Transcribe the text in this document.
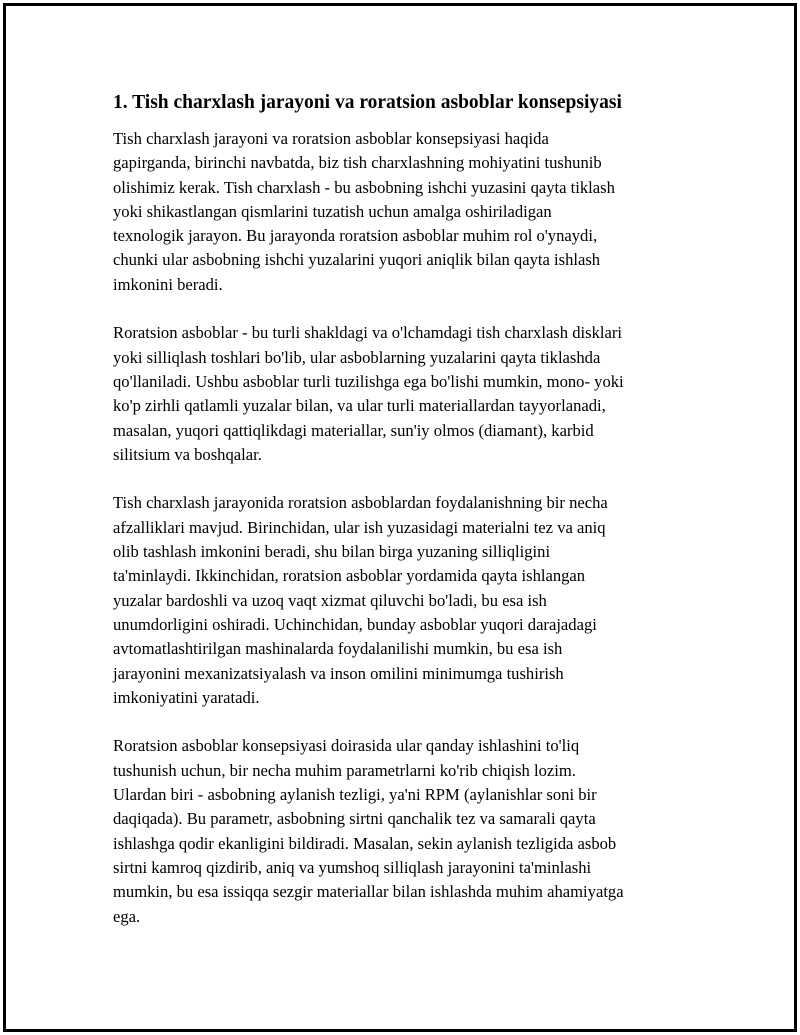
1. Tish charxlash jarayoni va roratsion asboblar konsepsiyasi

Tish charxlash jarayoni va roratsion asboblar konsepsiyasi haqida
gapirganda, birinchi navbatda, biz tish charxlashning mohiyatini tushunib
olishimiz kerak. Tish charxlash - bu asbobning ishchi yuzasini qayta tiklash
yoki shikastlangan qismlarini tuzatish uchun amalga oshiriladigan
texnologik jarayon. Bu jarayonda roratsion asboblar muhim rol o'ynaydi,
chunki ular asbobning ishchi yuzalarini yuqori aniqlik bilan qayta ishlash
imkonini beradi.

Roratsion asboblar - bu turli shakldagi va o'lchamdagi tish charxlash disklari
yoki silliqlash toshlari bo'lib, ular asboblarning yuzalarini qayta tiklashda
qo'llaniladi. Ushbu asboblar turli tuzilishga ega bo'lishi mumkin, mono- yoki
ko'p zirhli qatlamli yuzalar bilan, va ular turli materiallardan tayyorlanadi,
masalan, yuqori qattiqlikdagi materiallar, sun'iy olmos (diamant), karbid
silitsium va boshqalar.

Tish charxlash jarayonida roratsion asboblardan foydalanishning bir necha
afzalliklari mavjud. Birinchidan, ular ish yuzasidagi materialni tez va aniq
olib tashlash imkonini beradi, shu bilan birga yuzaning silliqligini
ta'minlaydi. Ikkinchidan, roratsion asboblar yordamida qayta ishlangan
yuzalar bardoshli va uzoq vaqt xizmat qiluvchi bo'ladi, bu esa ish
unumdorligini oshiradi. Uchinchidan, bunday asboblar yuqori darajadagi
avtomatlashtirilgan mashinalarda foydalanilishi mumkin, bu esa ish
jarayonini mexanizatsiyalash va inson omilini minimumga tushirish
imkoniyatini yaratadi.

Roratsion asboblar konsepsiyasi doirasida ular qanday ishlashini to'liq
tushunish uchun, bir necha muhim parametrlarni ko'rib chiqish lozim.
Ulardan biri - asbobning aylanish tezligi, ya'ni RPM (aylanishlar soni bir
daqiqada). Bu parametr, asbobning sirtni qanchalik tez va samarali qayta
ishlashga qodir ekanligini bildiradi. Masalan, sekin aylanish tezligida asbob
sirtni kamroq qizdirib, aniq va yumshoq silliqlash jarayonini ta'minlashi
mumkin, bu esa issiqqa sezgir materiallar bilan ishlashda muhim ahamiyatga
ega.
